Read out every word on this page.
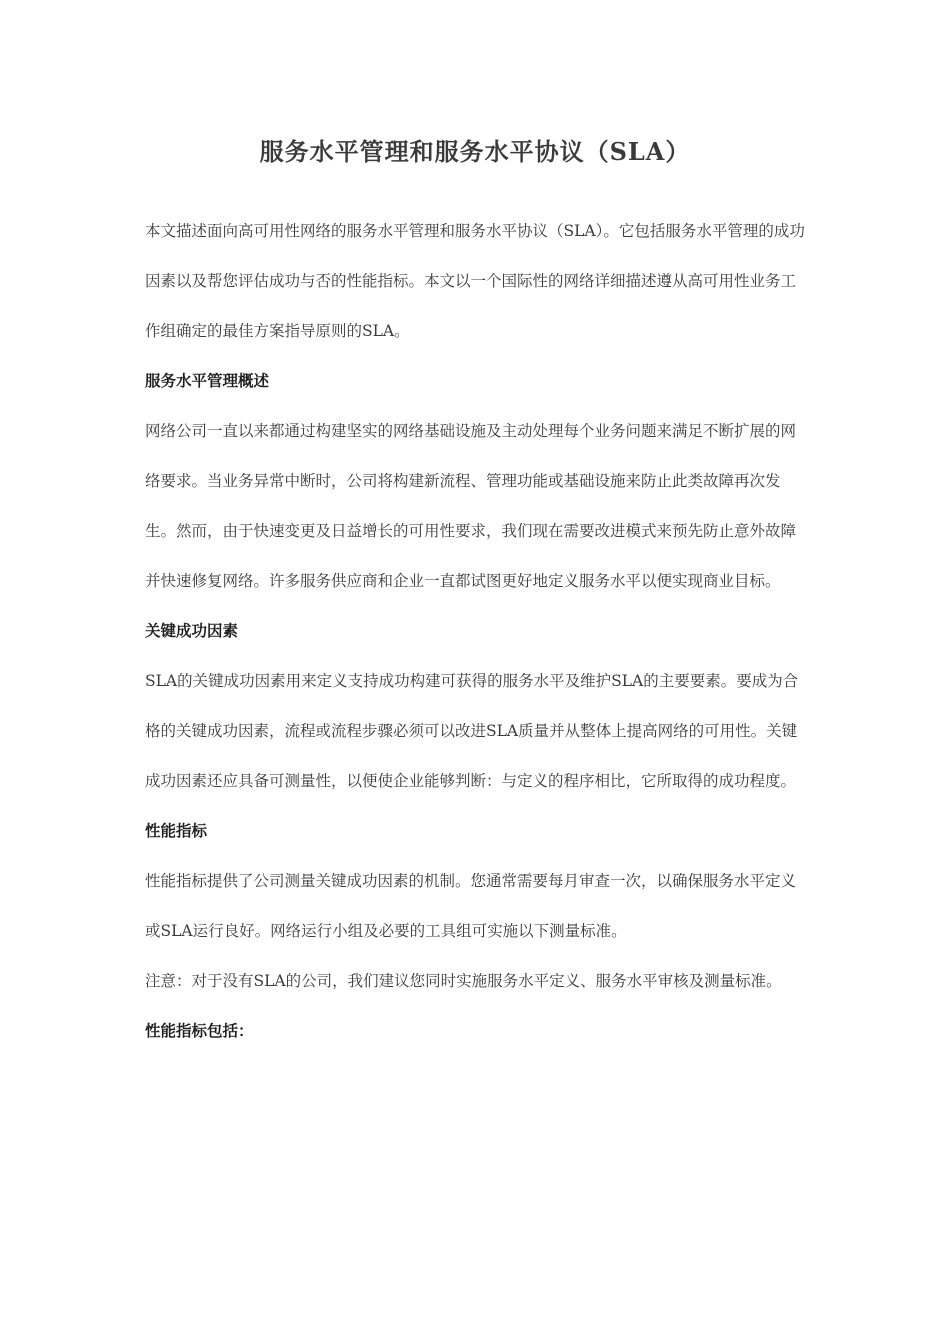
服务水平管理和服务水平协议（SLA）

本文描述面向高可用性网络的服务水平管理和服务水平协议（SLA）。它包括服务水平管理的成功因素以及帮您评估成功与否的性能指标。本文以一个国际性的网络详细描述遵从高可用性业务工作组确定的最佳方案指导原则的SLA。

服务水平管理概述

网络公司一直以来都通过构建坚实的网络基础设施及主动处理每个业务问题来满足不断扩展的网络要求。当业务异常中断时，公司将构建新流程、管理功能或基础设施来防止此类故障再次发生。然而，由于快速变更及日益增长的可用性要求，我们现在需要改进模式来预先防止意外故障并快速修复网络。许多服务供应商和企业一直都试图更好地定义服务水平以便实现商业目标。

关键成功因素

SLA的关键成功因素用来定义支持成功构建可获得的服务水平及维护SLA的主要要素。要成为合格的关键成功因素，流程或流程步骤必须可以改进SLA质量并从整体上提高网络的可用性。关键成功因素还应具备可测量性，以便使企业能够判断：与定义的程序相比，它所取得的成功程度。

性能指标

性能指标提供了公司测量关键成功因素的机制。您通常需要每月审查一次，以确保服务水平定义或SLA运行良好。网络运行小组及必要的工具组可实施以下测量标准。

注意：对于没有SLA的公司，我们建议您同时实施服务水平定义、服务水平审核及测量标准。

性能指标包括：
